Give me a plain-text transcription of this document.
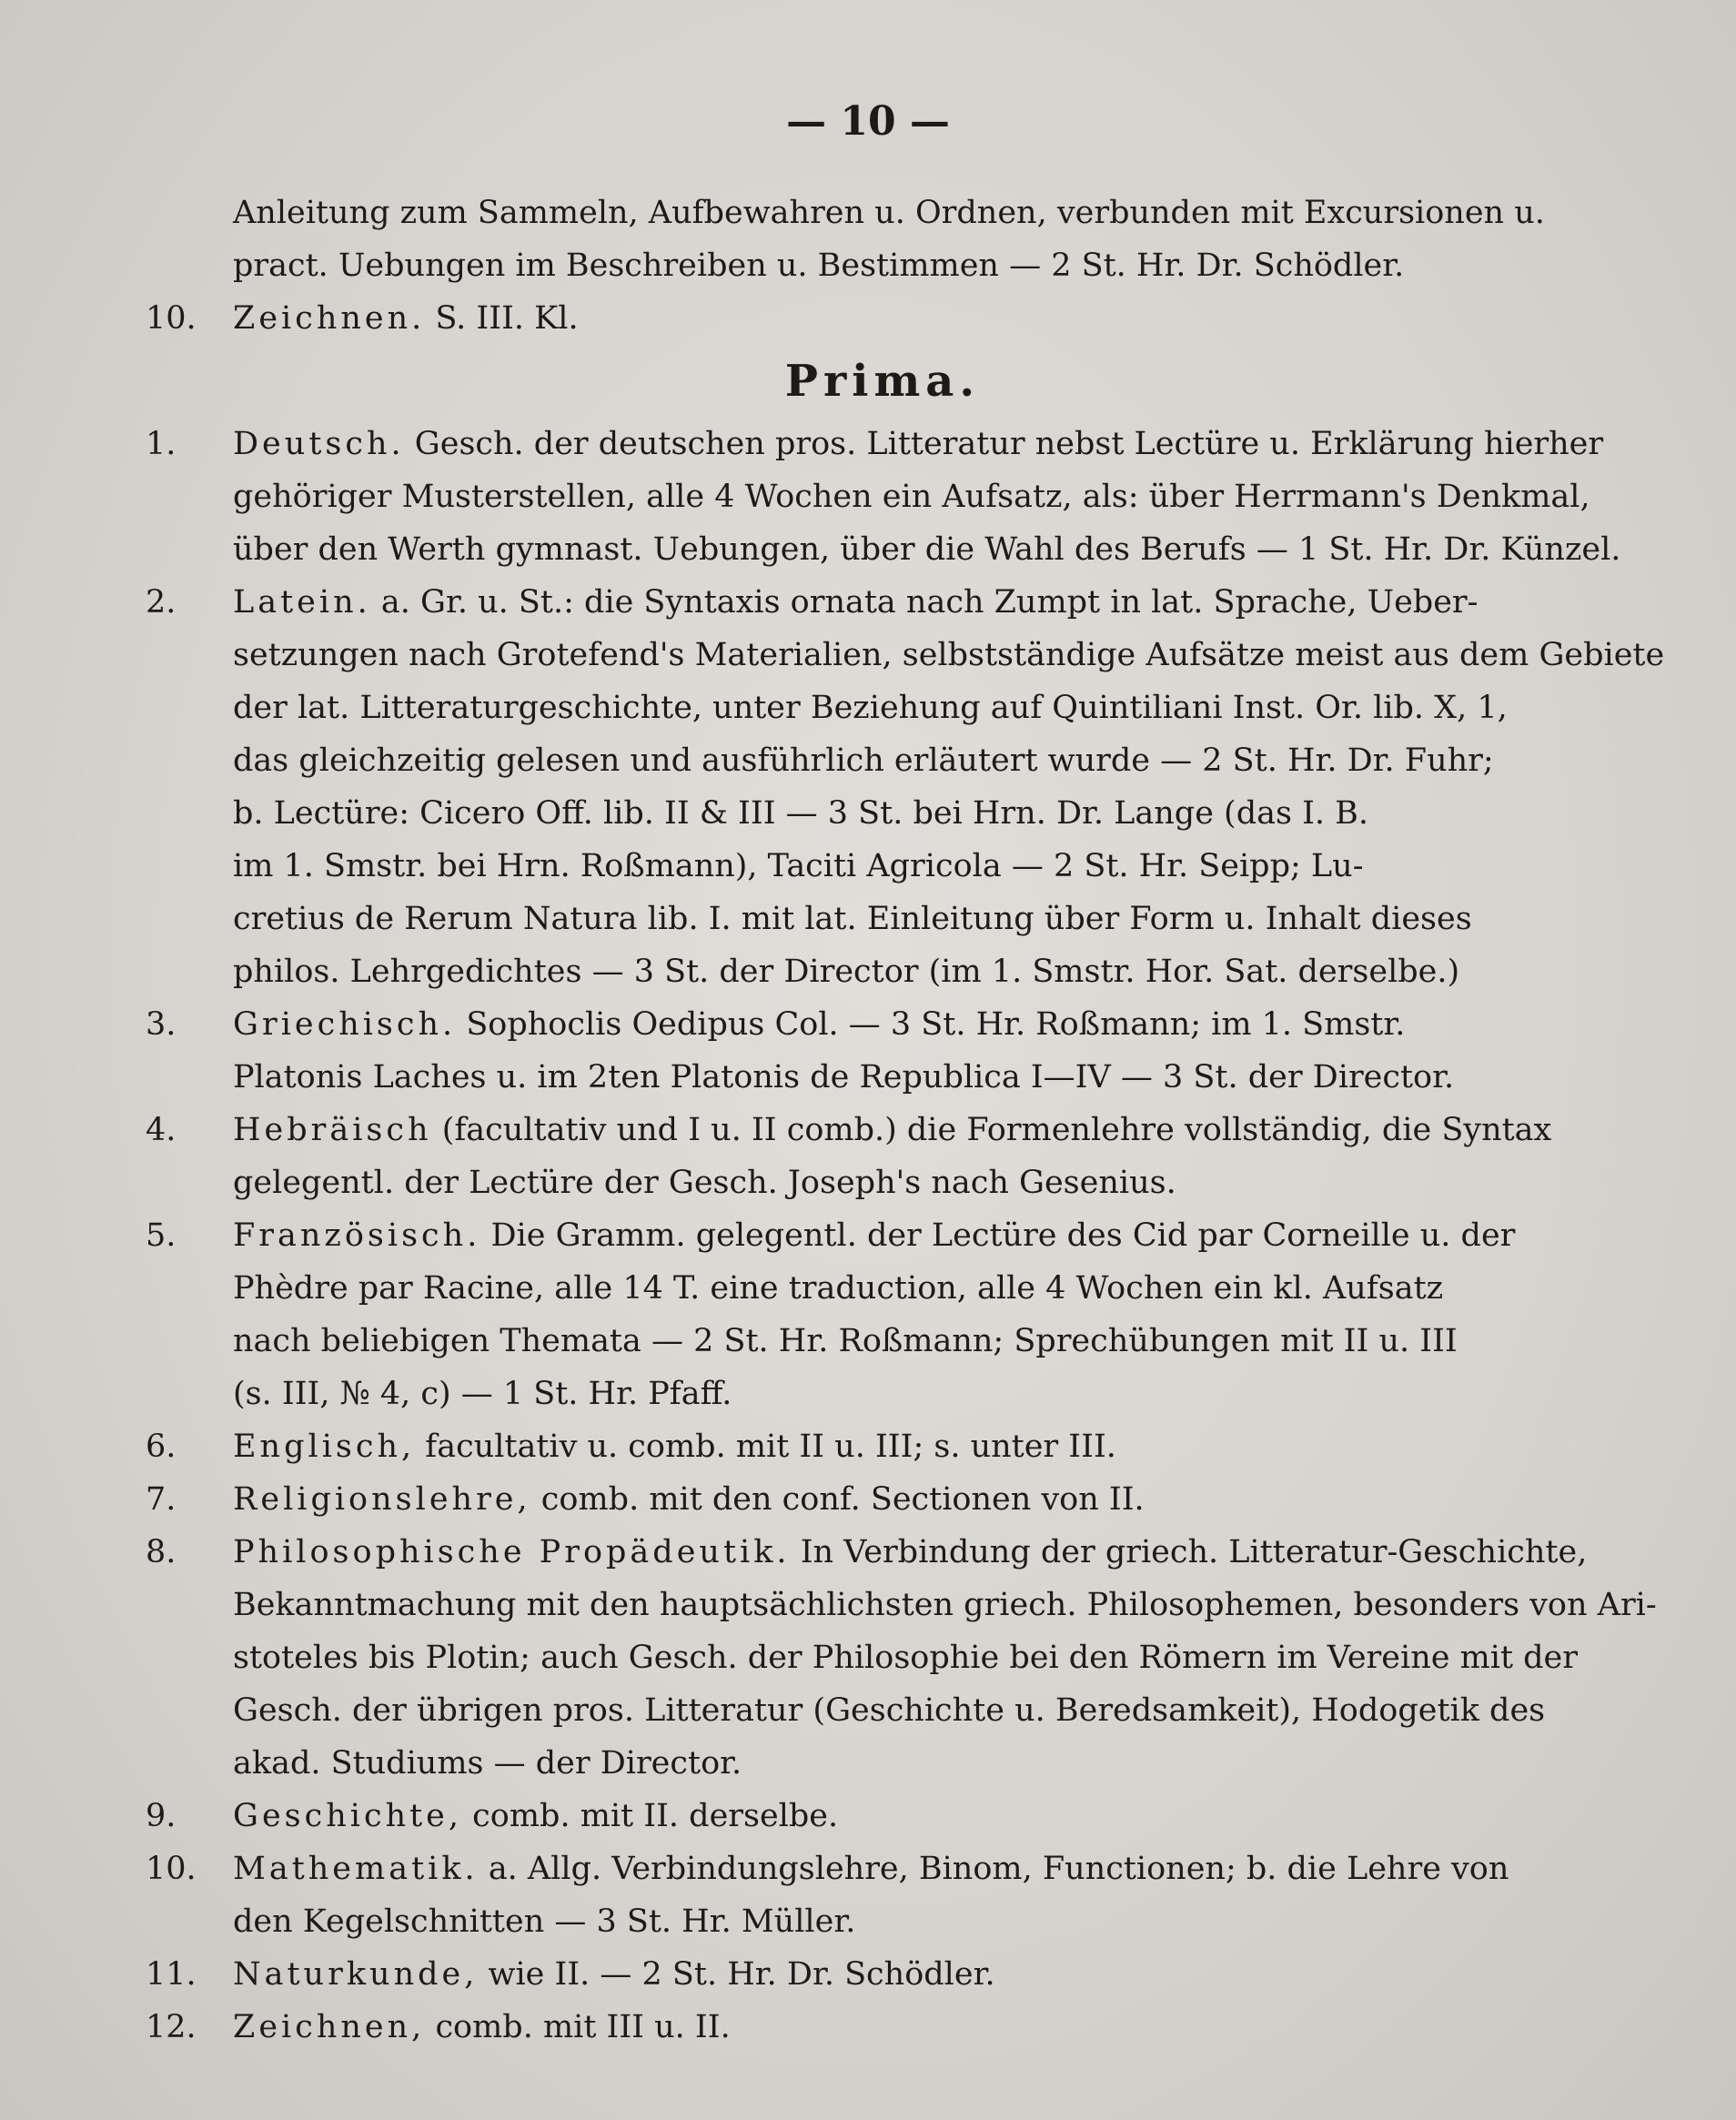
— 10 —
Anleitung zum Sammeln, Aufbewahren u. Ordnen, verbunden mit Excursionen u.
pract. Uebungen im Beschreiben u. Bestimmen — 2 St. Hr. Dr. Schödler.
10. Zeichnen. S. III. Kl.
Prima.
1. Deutsch. Gesch. der deutschen pros. Litteratur nebst Lectüre u. Erklärung hierher
gehöriger Musterstellen, alle 4 Wochen ein Aufsatz, als: über Herrmann's Denkmal,
über den Werth gymnast. Uebungen, über die Wahl des Berufs — 1 St. Hr. Dr. Künzel.
2. Latein. a. Gr. u. St.: die Syntaxis ornata nach Zumpt in lat. Sprache, Ueber-
setzungen nach Grotefend's Materialien, selbstständige Aufsätze meist aus dem Gebiete
der lat. Litteraturgeschichte, unter Beziehung auf Quintiliani Inst. Or. lib. X, 1,
das gleichzeitig gelesen und ausführlich erläutert wurde — 2 St. Hr. Dr. Fuhr;
b. Lectüre: Cicero Off. lib. II & III — 3 St. bei Hrn. Dr. Lange (das I. B.
im 1. Smstr. bei Hrn. Roßmann), Taciti Agricola — 2 St. Hr. Seipp; Lu-
cretius de Rerum Natura lib. I. mit lat. Einleitung über Form u. Inhalt dieses
philos. Lehrgedichtes — 3 St. der Director (im 1. Smstr. Hor. Sat. derselbe.)
3. Griechisch. Sophoclis Oedipus Col. — 3 St. Hr. Roßmann; im 1. Smstr.
Platonis Laches u. im 2ten Platonis de Republica I—IV — 3 St. der Director.
4. Hebräisch (facultativ und I u. II comb.) die Formenlehre vollständig, die Syntax
gelegentl. der Lectüre der Gesch. Joseph's nach Gesenius.
5. Französisch. Die Gramm. gelegentl. der Lectüre des Cid par Corneille u. der
Phèdre par Racine, alle 14 T. eine traduction, alle 4 Wochen ein kl. Aufsatz
nach beliebigen Themata — 2 St. Hr. Roßmann; Sprechübungen mit II u. III
(s. III, № 4, c) — 1 St. Hr. Pfaff.
6. Englisch, facultativ u. comb. mit II u. III; s. unter III.
7. Religionslehre, comb. mit den conf. Sectionen von II.
8. Philosophische Propädeutik. In Verbindung der griech. Litteratur-Geschichte,
Bekanntmachung mit den hauptsächlichsten griech. Philosophemen, besonders von Ari-
stoteles bis Plotin; auch Gesch. der Philosophie bei den Römern im Vereine mit der
Gesch. der übrigen pros. Litteratur (Geschichte u. Beredsamkeit), Hodogetik des
akad. Studiums — der Director.
9. Geschichte, comb. mit II. derselbe.
10. Mathematik. a. Allg. Verbindungslehre, Binom, Functionen; b. die Lehre von
den Kegelschnitten — 3 St. Hr. Müller.
11. Naturkunde, wie II. — 2 St. Hr. Dr. Schödler.
12. Zeichnen, comb. mit III u. II.
